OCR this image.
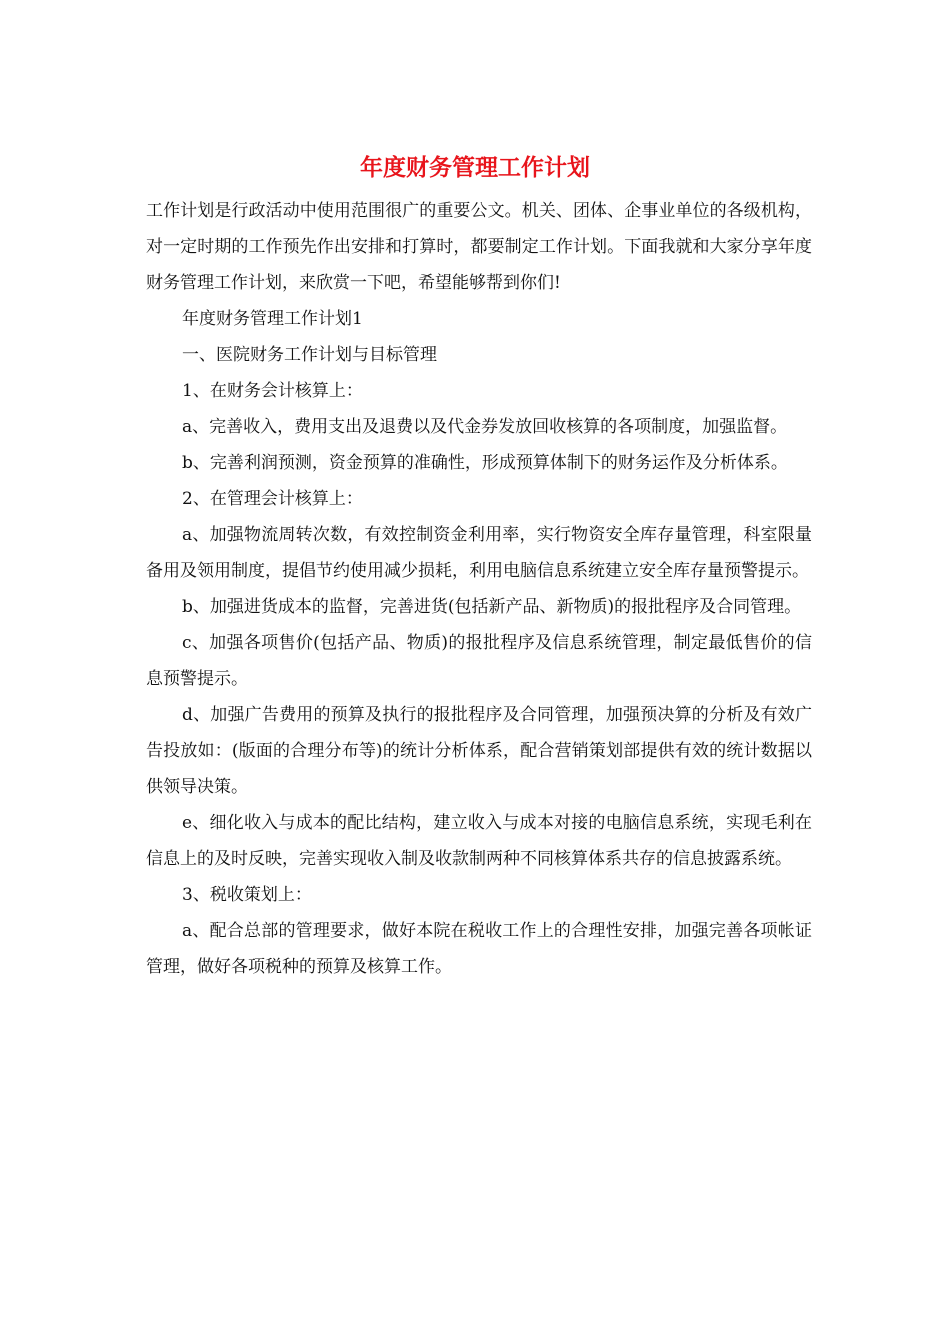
年度财务管理工作计划

工作计划是行政活动中使用范围很广的重要公文。机关、团体、企事业单位的各级机构，对一定时期的工作预先作出安排和打算时，都要制定工作计划。下面我就和大家分享年度财务管理工作计划，来欣赏一下吧，希望能够帮到你们!

年度财务管理工作计划1

一、医院财务工作计划与目标管理

1、在财务会计核算上：

a、完善收入，费用支出及退费以及代金券发放回收核算的各项制度，加强监督。

b、完善利润预测，资金预算的准确性，形成预算体制下的财务运作及分析体系。

2、在管理会计核算上：

a、加强物流周转次数，有效控制资金利用率，实行物资安全库存量管理，科室限量备用及领用制度，提倡节约使用减少损耗，利用电脑信息系统建立安全库存量预警提示。

b、加强进货成本的监督，完善进货(包括新产品、新物质)的报批程序及合同管理。

c、加强各项售价(包括产品、物质)的报批程序及信息系统管理，制定最低售价的信息预警提示。

d、加强广告费用的预算及执行的报批程序及合同管理，加强预决算的分析及有效广告投放如：(版面的合理分布等)的统计分析体系，配合营销策划部提供有效的统计数据以供领导决策。

e、细化收入与成本的配比结构，建立收入与成本对接的电脑信息系统，实现毛利在信息上的及时反映，完善实现收入制及收款制两种不同核算体系共存的信息披露系统。

3、税收策划上：

a、配合总部的管理要求，做好本院在税收工作上的合理性安排，加强完善各项帐证管理，做好各项税种的预算及核算工作。
